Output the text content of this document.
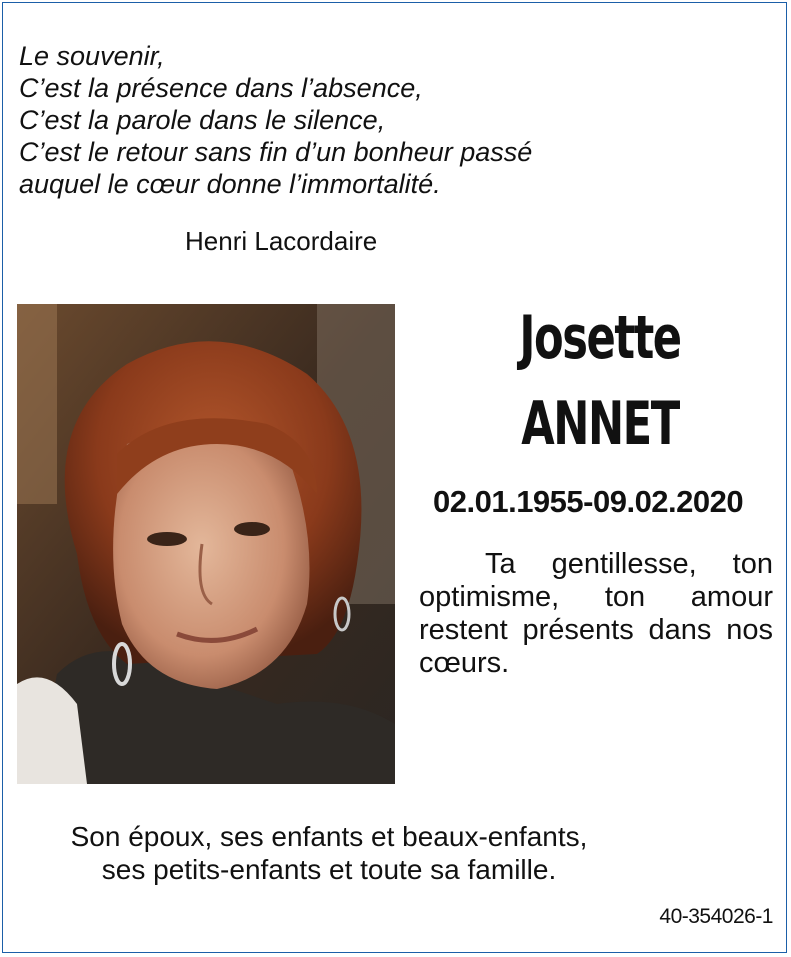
Le souvenir,
C’est la présence dans l’absence,
C’est la parole dans le silence,
C’est le retour sans fin d’un bonheur passé
auquel le cœur donne l’immortalité.
Henri Lacordaire
Josette
ANNET
02.01.1955-09.02.2020
Ta gentillesse, ton optimisme, ton amour restent présents dans nos cœurs.
Son époux, ses enfants et beaux-enfants,
ses petits-enfants et toute sa famille.
40-354026-1
